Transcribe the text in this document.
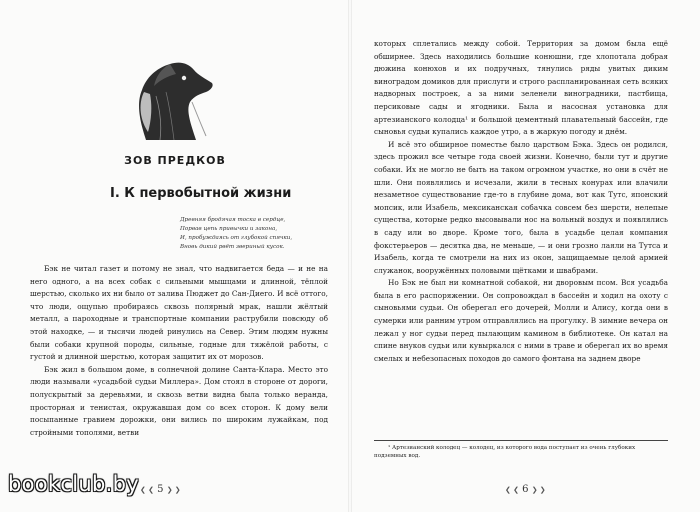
ЗОВ ПРЕДКОВ
I. К первобытной жизни
Древняя бродячая тоска в сердце,
Порвав цепь привычки и закона,
И, пробуждаясь от глубокой спячки,
Вновь дикий рвёт звериный кусок.

Бэк не читал газет и потому не знал, что надвигается беда — и не на него одного, а на всех собак с сильными мышцами и длинной, тёплой шерстью, сколько их ни было от залива Пюджет до Сан-Диего. И всё оттого, что люди, ощупью пробираясь сквозь полярный мрак, нашли жёлтый металл, а пароходные и транспортные компании раструбили повсюду об этой находке, — и тысячи людей ринулись на Север. Этим людям нужны были собаки крупной породы, сильные, годные для тяжёлой работы, с густой и длинной шерстью, которая защитит их от морозов.

Бэк жил в большом доме, в солнечной долине Санта-Клара. Место это люди называли «усадьбой судьи Миллера». Дом стоял в стороне от дороги, полускрытый за деревьями, и сквозь ветви видна была только веранда, просторная и тенистая, окружавшая дом со всех сторон. К дому вели посыпанные гравием дорожки, они вились по широким лужайкам, под стройными тополями, ветви

❮ ❮ 5 ❯ ❯

которых сплетались между собой. Территория за домом была ещё обширнее. Здесь находились большие конюшни, где хлопотала добрая дюжина конюхов и их подручных, тянулись ряды увитых диким виноградом домиков для прислуги и строго распланированная сеть всяких надворных построек, а за ними зеленели виноградники, пастбища, персиковые сады и ягодники. Была и насосная установка для артезианского колодца¹ и большой цементный плавательный бассейн, где сыновья судьи купались каждое утро, а в жаркую погоду и днём.

И всё это обширное поместье было царством Бэка. Здесь он родился, здесь прожил все четыре года своей жизни. Конечно, были тут и другие собаки. Их не могло не быть на таком огромном участке, но они в счёт не шли. Они появлялись и исчезали, жили в тесных конурах или влачили незаметное существование где-то в глубине дома, вот как Тутс, японский мопсик, или Изабель, мексиканская собачка совсем без шерсти, нелепые существа, которые редко высовывали нос на вольный воздух и появлялись в саду или во дворе. Кроме того, была в усадьбе целая компания фокстерьеров — десятка два, не меньше, — и они грозно лаяли на Тутса и Изабель, когда те смотрели на них из окон, защищаемые целой армией служанок, вооружённых половыми щётками и швабрами.

Но Бэк не был ни комнатной собакой, ни дворовым псом. Вся усадьба была в его распоряжении. Он сопровождал в бассейн и ходил на охоту с сыновьями судьи. Он оберегал его дочерей, Молли и Алису, когда они в сумерки или ранним утром отправлялись на прогулку. В зимние вечера он лежал у ног судьи перед пылающим камином в библиотеке. Он катал на спине внуков судьи или кувыркался с ними в траве и оберегал их во время смелых и небезопасных походов до самого фонтана на заднем дворе

¹ Артезианский колодец — колодец, из которого вода поступает из очень глубоких подземных вод.
❮ ❮ 6 ❯ ❯
bookclub.by
